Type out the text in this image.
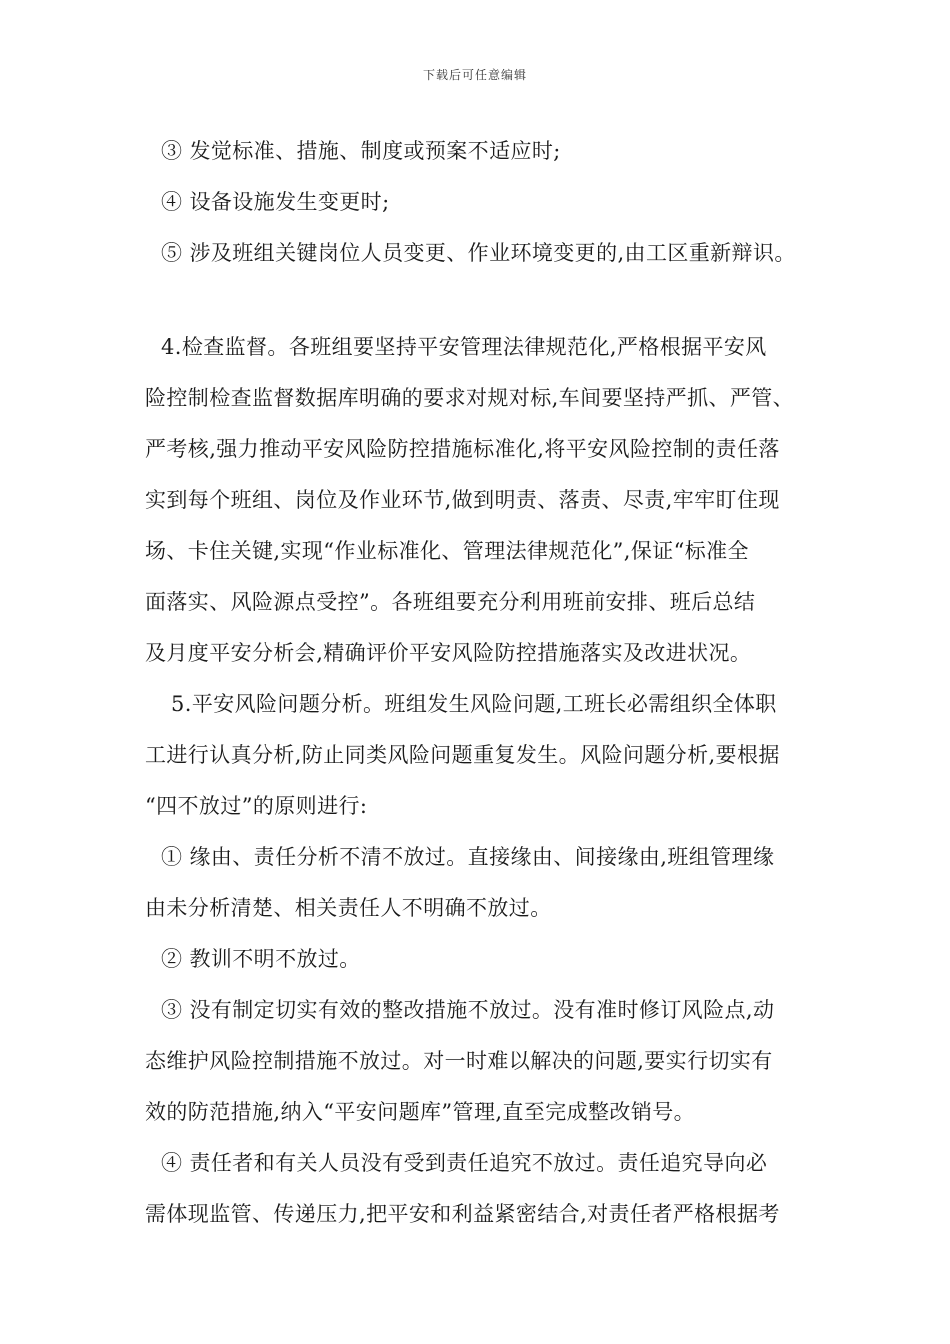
下载后可任意编辑
③ 发觉标准、措施、制度或预案不适应时;
④ 设备设施发生变更时;
⑤ 涉及班组关键岗位人员变更、作业环境变更的,由工区重新辩识。
4.检查监督。各班组要坚持平安管理法律规范化,严格根据平安风
险控制检查监督数据库明确的要求对规对标,车间要坚持严抓、严管、
严考核,强力推动平安风险防控措施标准化,将平安风险控制的责任落
实到每个班组、岗位及作业环节,做到明责、落责、尽责,牢牢盯住现
场、卡住关键,实现“作业标准化、管理法律规范化”,保证“标准全
面落实、风险源点受控”。各班组要充分利用班前安排、班后总结
及月度平安分析会,精确评价平安风险防控措施落实及改进状况。
5.平安风险问题分析。班组发生风险问题,工班长必需组织全体职
工进行认真分析,防止同类风险问题重复发生。风险问题分析,要根据
“四不放过”的原则进行:
① 缘由、责任分析不清不放过。直接缘由、间接缘由,班组管理缘
由未分析清楚、相关责任人不明确不放过。
② 教训不明不放过。
③ 没有制定切实有效的整改措施不放过。没有准时修订风险点,动
态维护风险控制措施不放过。对一时难以解决的问题,要实行切实有
效的防范措施,纳入“平安问题库”管理,直至完成整改销号。
④ 责任者和有关人员没有受到责任追究不放过。责任追究导向必
需体现监管、传递压力,把平安和利益紧密结合,对责任者严格根据考
